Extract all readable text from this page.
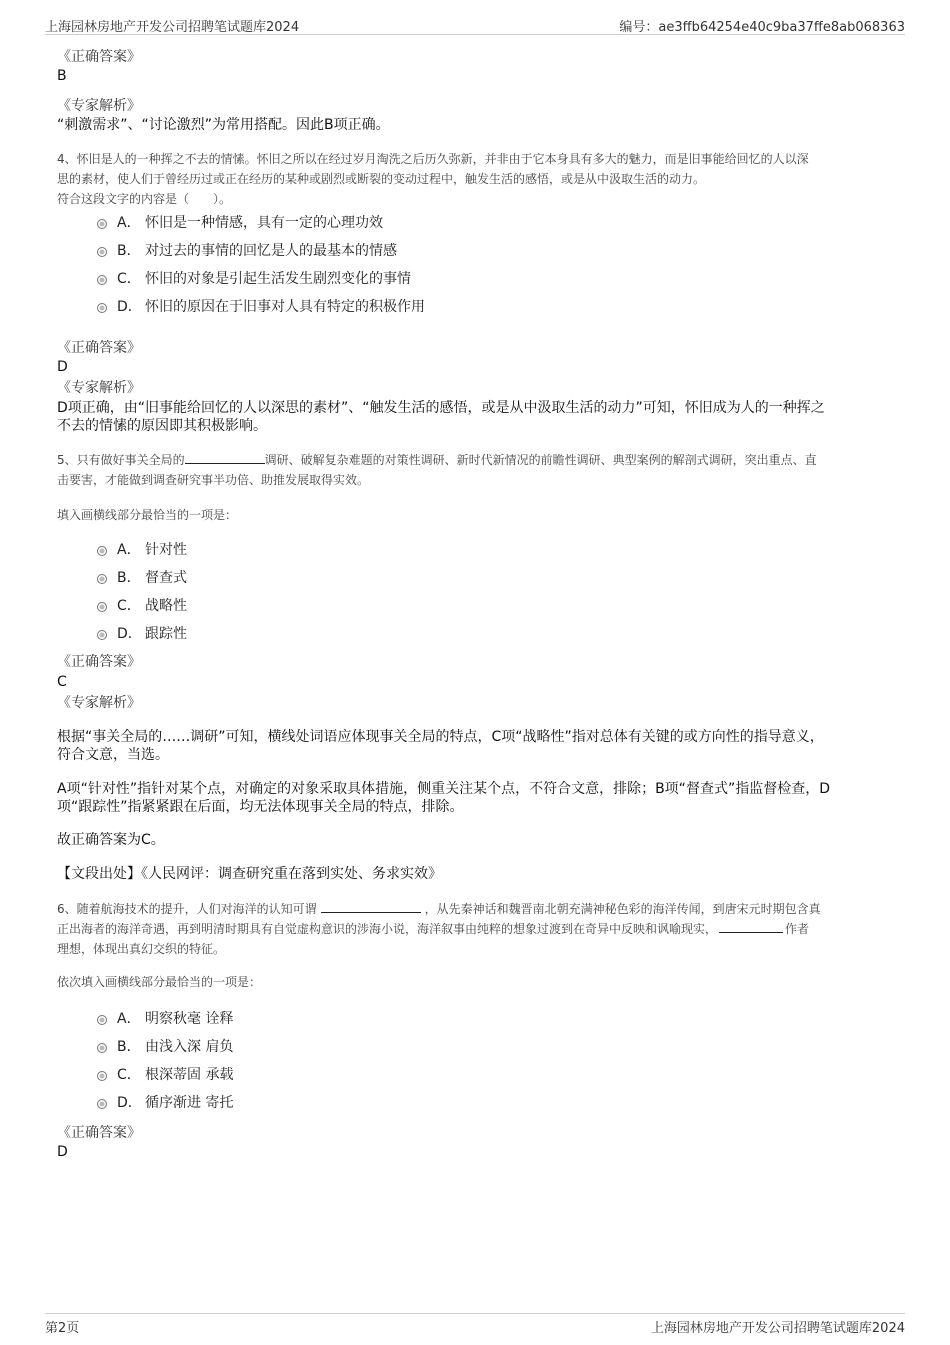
上海园林房地产开发公司招聘笔试题库2024	编号：ae3ffb64254e40c9ba37ffe8ab068363
《正确答案》
B
《专家解析》
“刺激需求”、“讨论激烈”为常用搭配。因此B项正确。
4、怀旧是人的一种挥之不去的情愫。怀旧之所以在经过岁月淘洗之后历久弥新，并非由于它本身具有多大的魅力，而是旧事能给回忆的人以深
思的素材，使人们于曾经历过或正在经历的某种或剧烈或断裂的变动过程中，触发生活的感悟，或是从中汲取生活的动力。
符合这段文字的内容是（　　）。
A． 怀旧是一种情感，具有一定的心理功效
B． 对过去的事情的回忆是人的最基本的情感
C． 怀旧的对象是引起生活发生剧烈变化的事情
D． 怀旧的原因在于旧事对人具有特定的积极作用
《正确答案》
D
《专家解析》
D项正确，由“旧事能给回忆的人以深思的素材”、“触发生活的感悟，或是从中汲取生活的动力”可知，怀旧成为人的一种挥之
不去的情愫的原因即其积极影响。
5、只有做好事关全局的	调研、破解复杂难题的对策性调研、新时代新情况的前瞻性调研、典型案例的解剖式调研，突出重点、直
击要害，才能做到调查研究事半功倍、助推发展取得实效。
填入画横线部分最恰当的一项是：
A． 针对性
B． 督查式
C． 战略性
D． 跟踪性
《正确答案》
C
《专家解析》
根据“事关全局的……调研”可知，横线处词语应体现事关全局的特点，C项“战略性”指对总体有关键的或方向性的指导意义，
符合文意，当选。
A项“针对性”指针对某个点，对确定的对象采取具体措施，侧重关注某个点，不符合文意，排除；B项“督查式”指监督检查，D
项“跟踪性”指紧紧跟在后面，均无法体现事关全局的特点，排除。
故正确答案为C。
【文段出处】《人民网评：调查研究重在落到实处、务求实效》
6、随着航海技术的提升，人们对海洋的认知可谓	，从先秦神话和魏晋南北朝充满神秘色彩的海洋传闻，到唐宋元时期包含真
正出海者的海洋奇遇，再到明清时期具有自觉虚构意识的涉海小说，海洋叙事由纯粹的想象过渡到在奇异中反映和讽喻现实，	作者
理想，体现出真幻交织的特征。
依次填入画横线部分最恰当的一项是：
A． 明察秋毫 诠释
B． 由浅入深 肩负
C． 根深蒂固 承载
D． 循序渐进 寄托
《正确答案》
D
第2页	上海园林房地产开发公司招聘笔试题库2024
